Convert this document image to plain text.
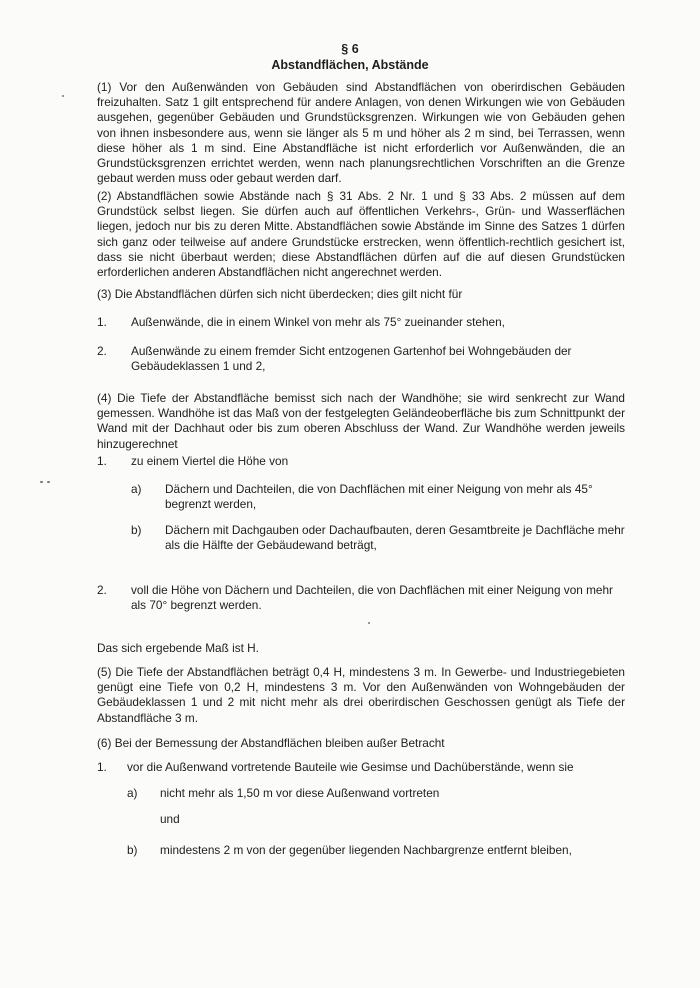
§ 6
Abstandflächen, Abstände
(1) Vor den Außenwänden von Gebäuden sind Abstandflächen von oberirdischen Gebäuden freizuhalten. Satz 1 gilt entsprechend für andere Anlagen, von denen Wirkungen wie von Gebäuden ausgehen, gegenüber Gebäuden und Grundstücksgrenzen. Wirkungen wie von Gebäuden gehen von ihnen insbesondere aus, wenn sie länger als 5 m und höher als 2 m sind, bei Terrassen, wenn diese höher als 1 m sind. Eine Abstandfläche ist nicht erforderlich vor Außenwänden, die an Grundstücksgrenzen errichtet werden, wenn nach planungsrechtlichen Vorschriften an die Grenze gebaut werden muss oder gebaut werden darf.
(2) Abstandflächen sowie Abstände nach § 31 Abs. 2 Nr. 1 und § 33 Abs. 2 müssen auf dem Grundstück selbst liegen. Sie dürfen auch auf öffentlichen Verkehrs-, Grün- und Wasserflächen liegen, jedoch nur bis zu deren Mitte. Abstandflächen sowie Abstände im Sinne des Satzes 1 dürfen sich ganz oder teilweise auf andere Grundstücke erstrecken, wenn öffentlich-rechtlich gesichert ist, dass sie nicht überbaut werden; diese Abstandflächen dürfen auf die auf diesen Grundstücken erforderlichen anderen Abstandflächen nicht angerechnet werden.
(3) Die Abstandflächen dürfen sich nicht überdecken; dies gilt nicht für
1. Außenwände, die in einem Winkel von mehr als 75° zueinander stehen,
2. Außenwände zu einem fremder Sicht entzogenen Gartenhof bei Wohngebäuden der Gebäudeklassen 1 und 2,
(4) Die Tiefe der Abstandfläche bemisst sich nach der Wandhöhe; sie wird senkrecht zur Wand gemessen. Wandhöhe ist das Maß von der festgelegten Geländeoberfläche bis zum Schnittpunkt der Wand mit der Dachhaut oder bis zum oberen Abschluss der Wand. Zur Wandhöhe werden jeweils hinzugerechnet
1. zu einem Viertel die Höhe von
a) Dächern und Dachteilen, die von Dachflächen mit einer Neigung von mehr als 45° begrenzt werden,
b) Dächern mit Dachgauben oder Dachaufbauten, deren Gesamtbreite je Dachfläche mehr als die Hälfte der Gebäudewand beträgt,
2. voll die Höhe von Dächern und Dachteilen, die von Dachflächen mit einer Neigung von mehr als 70° begrenzt werden.
Das sich ergebende Maß ist H.
(5) Die Tiefe der Abstandflächen beträgt 0,4 H, mindestens 3 m. In Gewerbe- und Industriegebieten genügt eine Tiefe von 0,2 H, mindestens 3 m. Vor den Außenwänden von Wohngebäuden der Gebäudeklassen 1 und 2 mit nicht mehr als drei oberirdischen Geschossen genügt als Tiefe der Abstandfläche 3 m.
(6) Bei der Bemessung der Abstandflächen bleiben außer Betracht
1. vor die Außenwand vortretende Bauteile wie Gesimse und Dachüberstände, wenn sie
a) nicht mehr als 1,50 m vor diese Außenwand vortreten
und
b) mindestens 2 m von der gegenüber liegenden Nachbargrenze entfernt bleiben,
